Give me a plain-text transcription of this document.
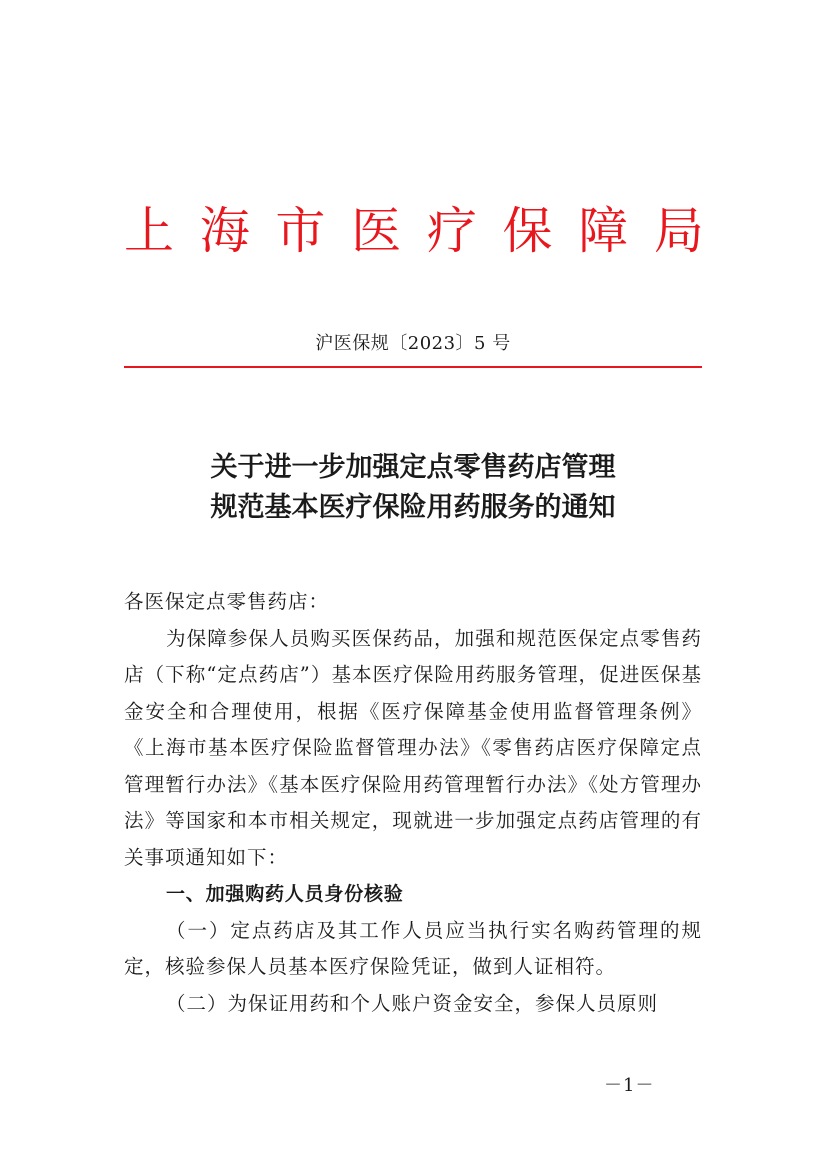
上 海 市 医 疗 保 障 局
沪医保规〔2023〕5 号
关于进一步加强定点零售药店管理
规范基本医疗保险用药服务的通知

各医保定点零售药店：

为保障参保人员购买医保药品，加强和规范医保定点零售药店（下称“定点药店”）基本医疗保险用药服务管理，促进医保基金安全和合理使用，根据《医疗保障基金使用监督管理条例》《上海市基本医疗保险监督管理办法》《零售药店医疗保障定点管理暂行办法》《基本医疗保险用药管理暂行办法》《处方管理办法》等国家和本市相关规定，现就进一步加强定点药店管理的有关事项通知如下：

一、加强购药人员身份核验

（一）定点药店及其工作人员应当执行实名购药管理的规定，核验参保人员基本医疗保险凭证，做到人证相符。

（二）为保证用药和个人账户资金安全，参保人员原则

－1－
